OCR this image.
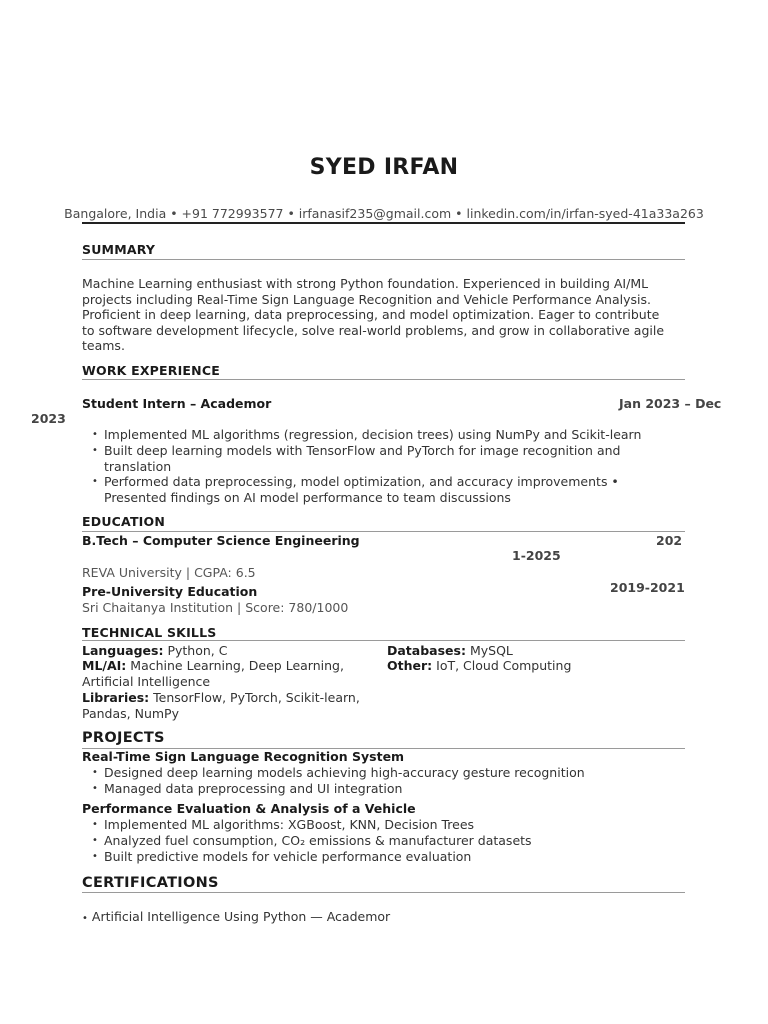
SYED IRFAN
Bangalore, India • +91 772993577 • irfanasif235@gmail.com • linkedin.com/in/irfan-syed-41a33a263
SUMMARY
Machine Learning enthusiast with strong Python foundation. Experienced in building AI/ML
projects including Real-Time Sign Language Recognition and Vehicle Performance Analysis.
Proficient in deep learning, data preprocessing, and model optimization. Eager to contribute
to software development lifecycle, solve real-world problems, and grow in collaborative agile
teams.
WORK EXPERIENCE
Student Intern – Academor	Jan 2023 – Dec
2023
• Implemented ML algorithms (regression, decision trees) using NumPy and Scikit-learn
• Built deep learning models with TensorFlow and PyTorch for image recognition and
translation
• Performed data preprocessing, model optimization, and accuracy improvements •
Presented findings on AI model performance to team discussions
EDUCATION
B.Tech – Computer Science Engineering	202
1-2025
REVA University | CGPA: 6.5
Pre-University Education	2019-2021
Sri Chaitanya Institution | Score: 780/1000
TECHNICAL SKILLS
Languages: Python, C
ML/AI: Machine Learning, Deep Learning,
Artificial Intelligence
Libraries: TensorFlow, PyTorch, Scikit-learn,
Pandas, NumPy
Databases: MySQL
Other: IoT, Cloud Computing
PROJECTS
Real-Time Sign Language Recognition System
• Designed deep learning models achieving high-accuracy gesture recognition
• Managed data preprocessing and UI integration
Performance Evaluation & Analysis of a Vehicle
• Implemented ML algorithms: XGBoost, KNN, Decision Trees
• Analyzed fuel consumption, CO₂ emissions & manufacturer datasets
• Built predictive models for vehicle performance evaluation
CERTIFICATIONS
• Artificial Intelligence Using Python — Academor
